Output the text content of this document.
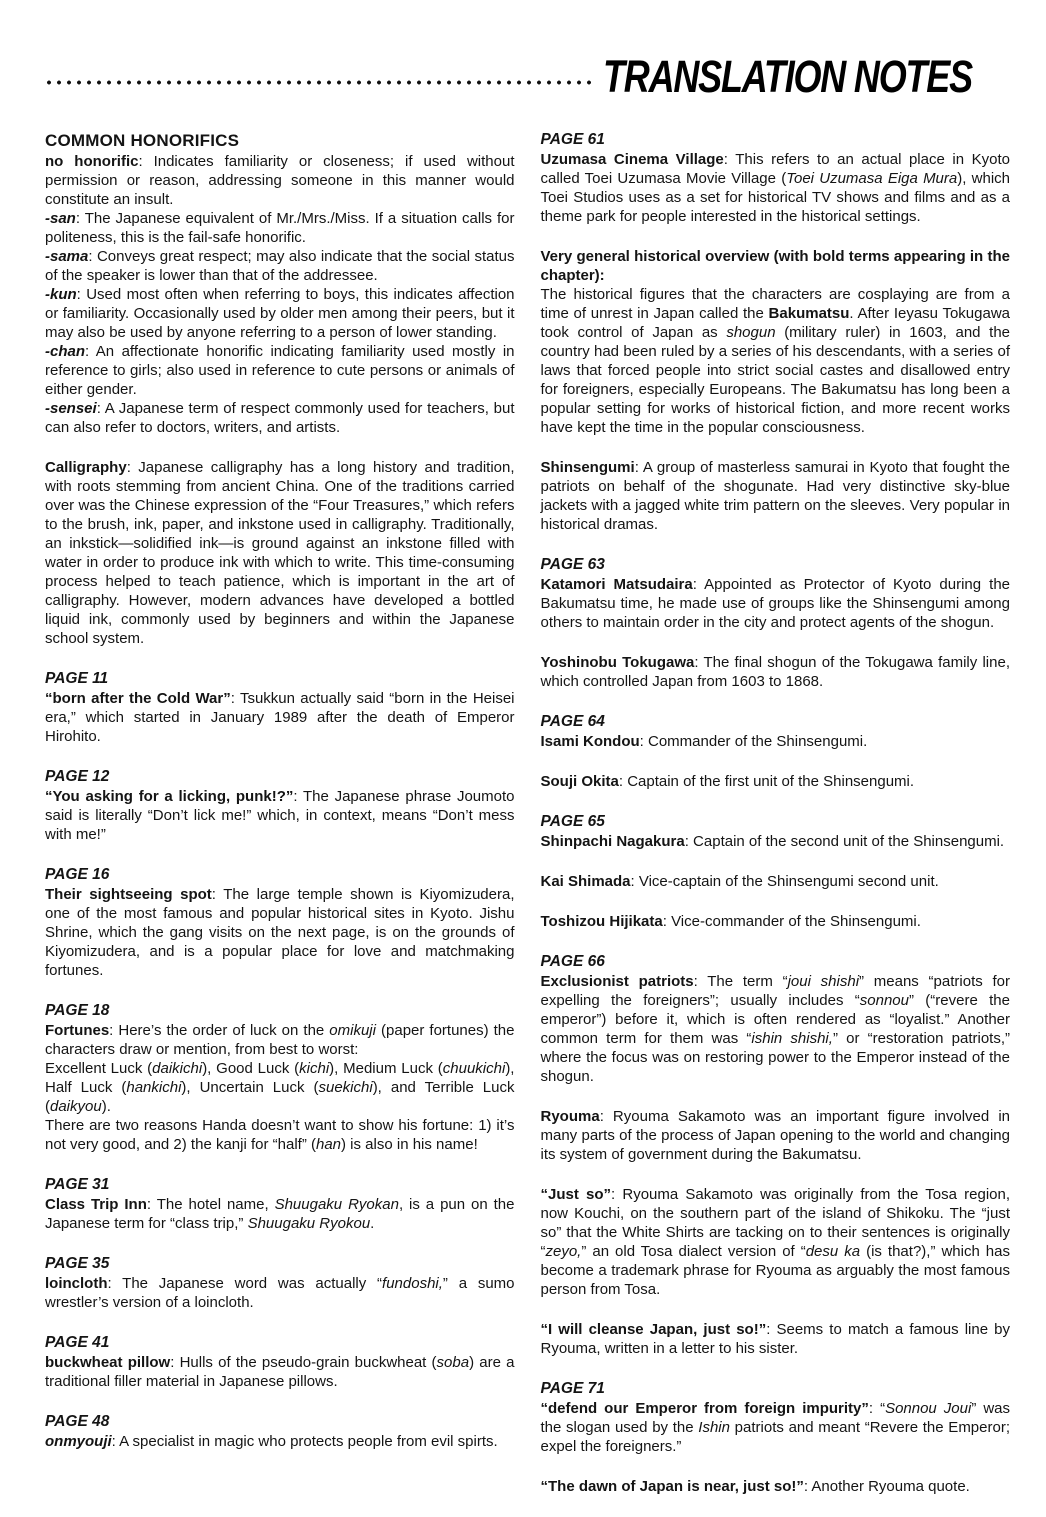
TRANSLATION NOTES

COMMON HONORIFICS

no honorific: Indicates familiarity or closeness; if used without permission or reason, addressing someone in this manner would constitute an insult.

-san: The Japanese equivalent of Mr./Mrs./Miss. If a situation calls for politeness, this is the fail-safe honorific.

-sama: Conveys great respect; may also indicate that the social status of the speaker is lower than that of the addressee.

-kun: Used most often when referring to boys, this indicates affection or familiarity. Occasionally used by older men among their peers, but it may also be used by anyone referring to a person of lower standing.

-chan: An affectionate honorific indicating familiarity used mostly in reference to girls; also used in reference to cute persons or animals of either gender.

-sensei: A Japanese term of respect commonly used for teachers, but can also refer to doctors, writers, and artists.

Calligraphy: Japanese calligraphy has a long history and tradition, with roots stemming from ancient China. One of the traditions carried over was the Chinese expression of the “Four Treasures,” which refers to the brush, ink, paper, and inkstone used in calligraphy. Traditionally, an inkstick—solidified ink—is ground against an inkstone filled with water in order to produce ink with which to write. This time-consuming process helped to teach patience, which is important in the art of calligraphy. However, modern advances have developed a bottled liquid ink, commonly used by beginners and within the Japanese school system.

PAGE 11

“born after the Cold War”: Tsukkun actually said “born in the Heisei era,” which started in January 1989 after the death of Emperor Hirohito.

PAGE 12

“You asking for a licking, punk!?”: The Japanese phrase Joumoto said is literally “Don’t lick me!” which, in context, means “Don’t mess with me!”

PAGE 16

Their sightseeing spot: The large temple shown is Kiyomizudera, one of the most famous and popular historical sites in Kyoto. Jishu Shrine, which the gang visits on the next page, is on the grounds of Kiyomizudera, and is a popular place for love and matchmaking fortunes.

PAGE 18

Fortunes: Here’s the order of luck on the omikuji (paper fortunes) the characters draw or mention, from best to worst:

Excellent Luck (daikichi), Good Luck (kichi), Medium Luck (chuukichi), Half Luck (hankichi), Uncertain Luck (suekichi), and Terrible Luck (daikyou).

There are two reasons Handa doesn’t want to show his fortune: 1) it’s not very good, and 2) the kanji for “half” (han) is also in his name!

PAGE 31

Class Trip Inn: The hotel name, Shuugaku Ryokan, is a pun on the Japanese term for “class trip,” Shuugaku Ryokou.

PAGE 35

loincloth: The Japanese word was actually “fundoshi,” a sumo wrestler’s version of a loincloth.

PAGE 41

buckwheat pillow: Hulls of the pseudo-grain buckwheat (soba) are a traditional filler material in Japanese pillows.

PAGE 48

onmyouji: A specialist in magic who protects people from evil spirts.

PAGE 61

Uzumasa Cinema Village: This refers to an actual place in Kyoto called Toei Uzumasa Movie Village (Toei Uzumasa Eiga Mura), which Toei Studios uses as a set for historical TV shows and films and as a theme park for people interested in the historical settings.

Very general historical overview (with bold terms appearing in the chapter):

The historical figures that the characters are cosplaying are from a time of unrest in Japan called the Bakumatsu. After Ieyasu Tokugawa took control of Japan as shogun (military ruler) in 1603, and the country had been ruled by a series of his descendants, with a series of laws that forced people into strict social castes and disallowed entry for foreigners, especially Europeans. The Bakumatsu has long been a popular setting for works of historical fiction, and more recent works have kept the time in the popular consciousness.

Shinsengumi: A group of masterless samurai in Kyoto that fought the patriots on behalf of the shogunate. Had very distinctive sky-blue jackets with a jagged white trim pattern on the sleeves. Very popular in historical dramas.

PAGE 63

Katamori Matsudaira: Appointed as Protector of Kyoto during the Bakumatsu time, he made use of groups like the Shinsengumi among others to maintain order in the city and protect agents of the shogun.

Yoshinobu Tokugawa: The final shogun of the Tokugawa family line, which controlled Japan from 1603 to 1868.

PAGE 64

Isami Kondou: Commander of the Shinsengumi.

Souji Okita: Captain of the first unit of the Shinsengumi.

PAGE 65

Shinpachi Nagakura: Captain of the second unit of the Shinsengumi.

Kai Shimada: Vice-captain of the Shinsengumi second unit.

Toshizou Hijikata: Vice-commander of the Shinsengumi.

PAGE 66

Exclusionist patriots: The term “joui shishi” means “patriots for expelling the foreigners”; usually includes “sonnou” (“revere the emperor”) before it, which is often rendered as “loyalist.” Another common term for them was “ishin shishi,” or “restoration patriots,” where the focus was on restoring power to the Emperor instead of the shogun.

Ryouma: Ryouma Sakamoto was an important figure involved in many parts of the process of Japan opening to the world and changing its system of government during the Bakumatsu.

“Just so”: Ryouma Sakamoto was originally from the Tosa region, now Kouchi, on the southern part of the island of Shikoku. The “just so” that the White Shirts are tacking on to their sentences is originally “zeyo,” an old Tosa dialect version of “desu ka (is that?),” which has become a trademark phrase for Ryouma as arguably the most famous person from Tosa.

“I will cleanse Japan, just so!”: Seems to match a famous line by Ryouma, written in a letter to his sister.

PAGE 71

“defend our Emperor from foreign impurity”: “Sonnou Joui” was the slogan used by the Ishin patriots and meant “Revere the Emperor; expel the foreigners.”

“The dawn of Japan is near, just so!”: Another Ryouma quote.
